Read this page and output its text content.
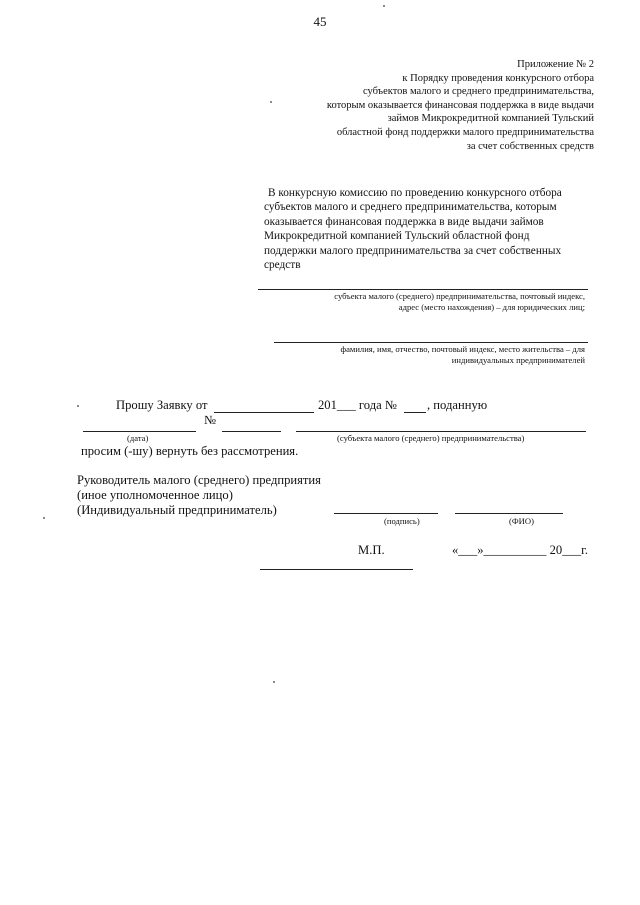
45
Приложение № 2
к Порядку проведения конкурсного отбора
субъектов малого и среднего предпринимательства,
которым оказывается финансовая поддержка в виде выдачи
займов Микрокредитной компанией Тульский
областной фонд поддержки малого предпринимательства
за счет собственных средств
В конкурсную комиссию по проведению конкурсного отбора
субъектов малого и среднего предпринимательства, которым
оказывается финансовая поддержка в виде выдачи займов
Микрокредитной компанией Тульский областной фонд
поддержки малого предпринимательства за счет собственных
средств
субъекта малого (среднего) предпринимательства, почтовый индекс,
адрес (место нахождения) – для юридических лиц;
фамилия, имя, отчество, почтовый индекс, место жительства – для
индивидуальных предпринимателей
Прошу Заявку от	201___ года № , поданную
№
(дата)	(субъекта малого (среднего) предпринимательства)
просим (-шу) вернуть без рассмотрения.
Руководитель малого (среднего) предприятия
(иное уполномоченное лицо)
(Индивидуальный предприниматель)
(подпись)	(ФИО)
М.П.	«___»__________ 20___г.
